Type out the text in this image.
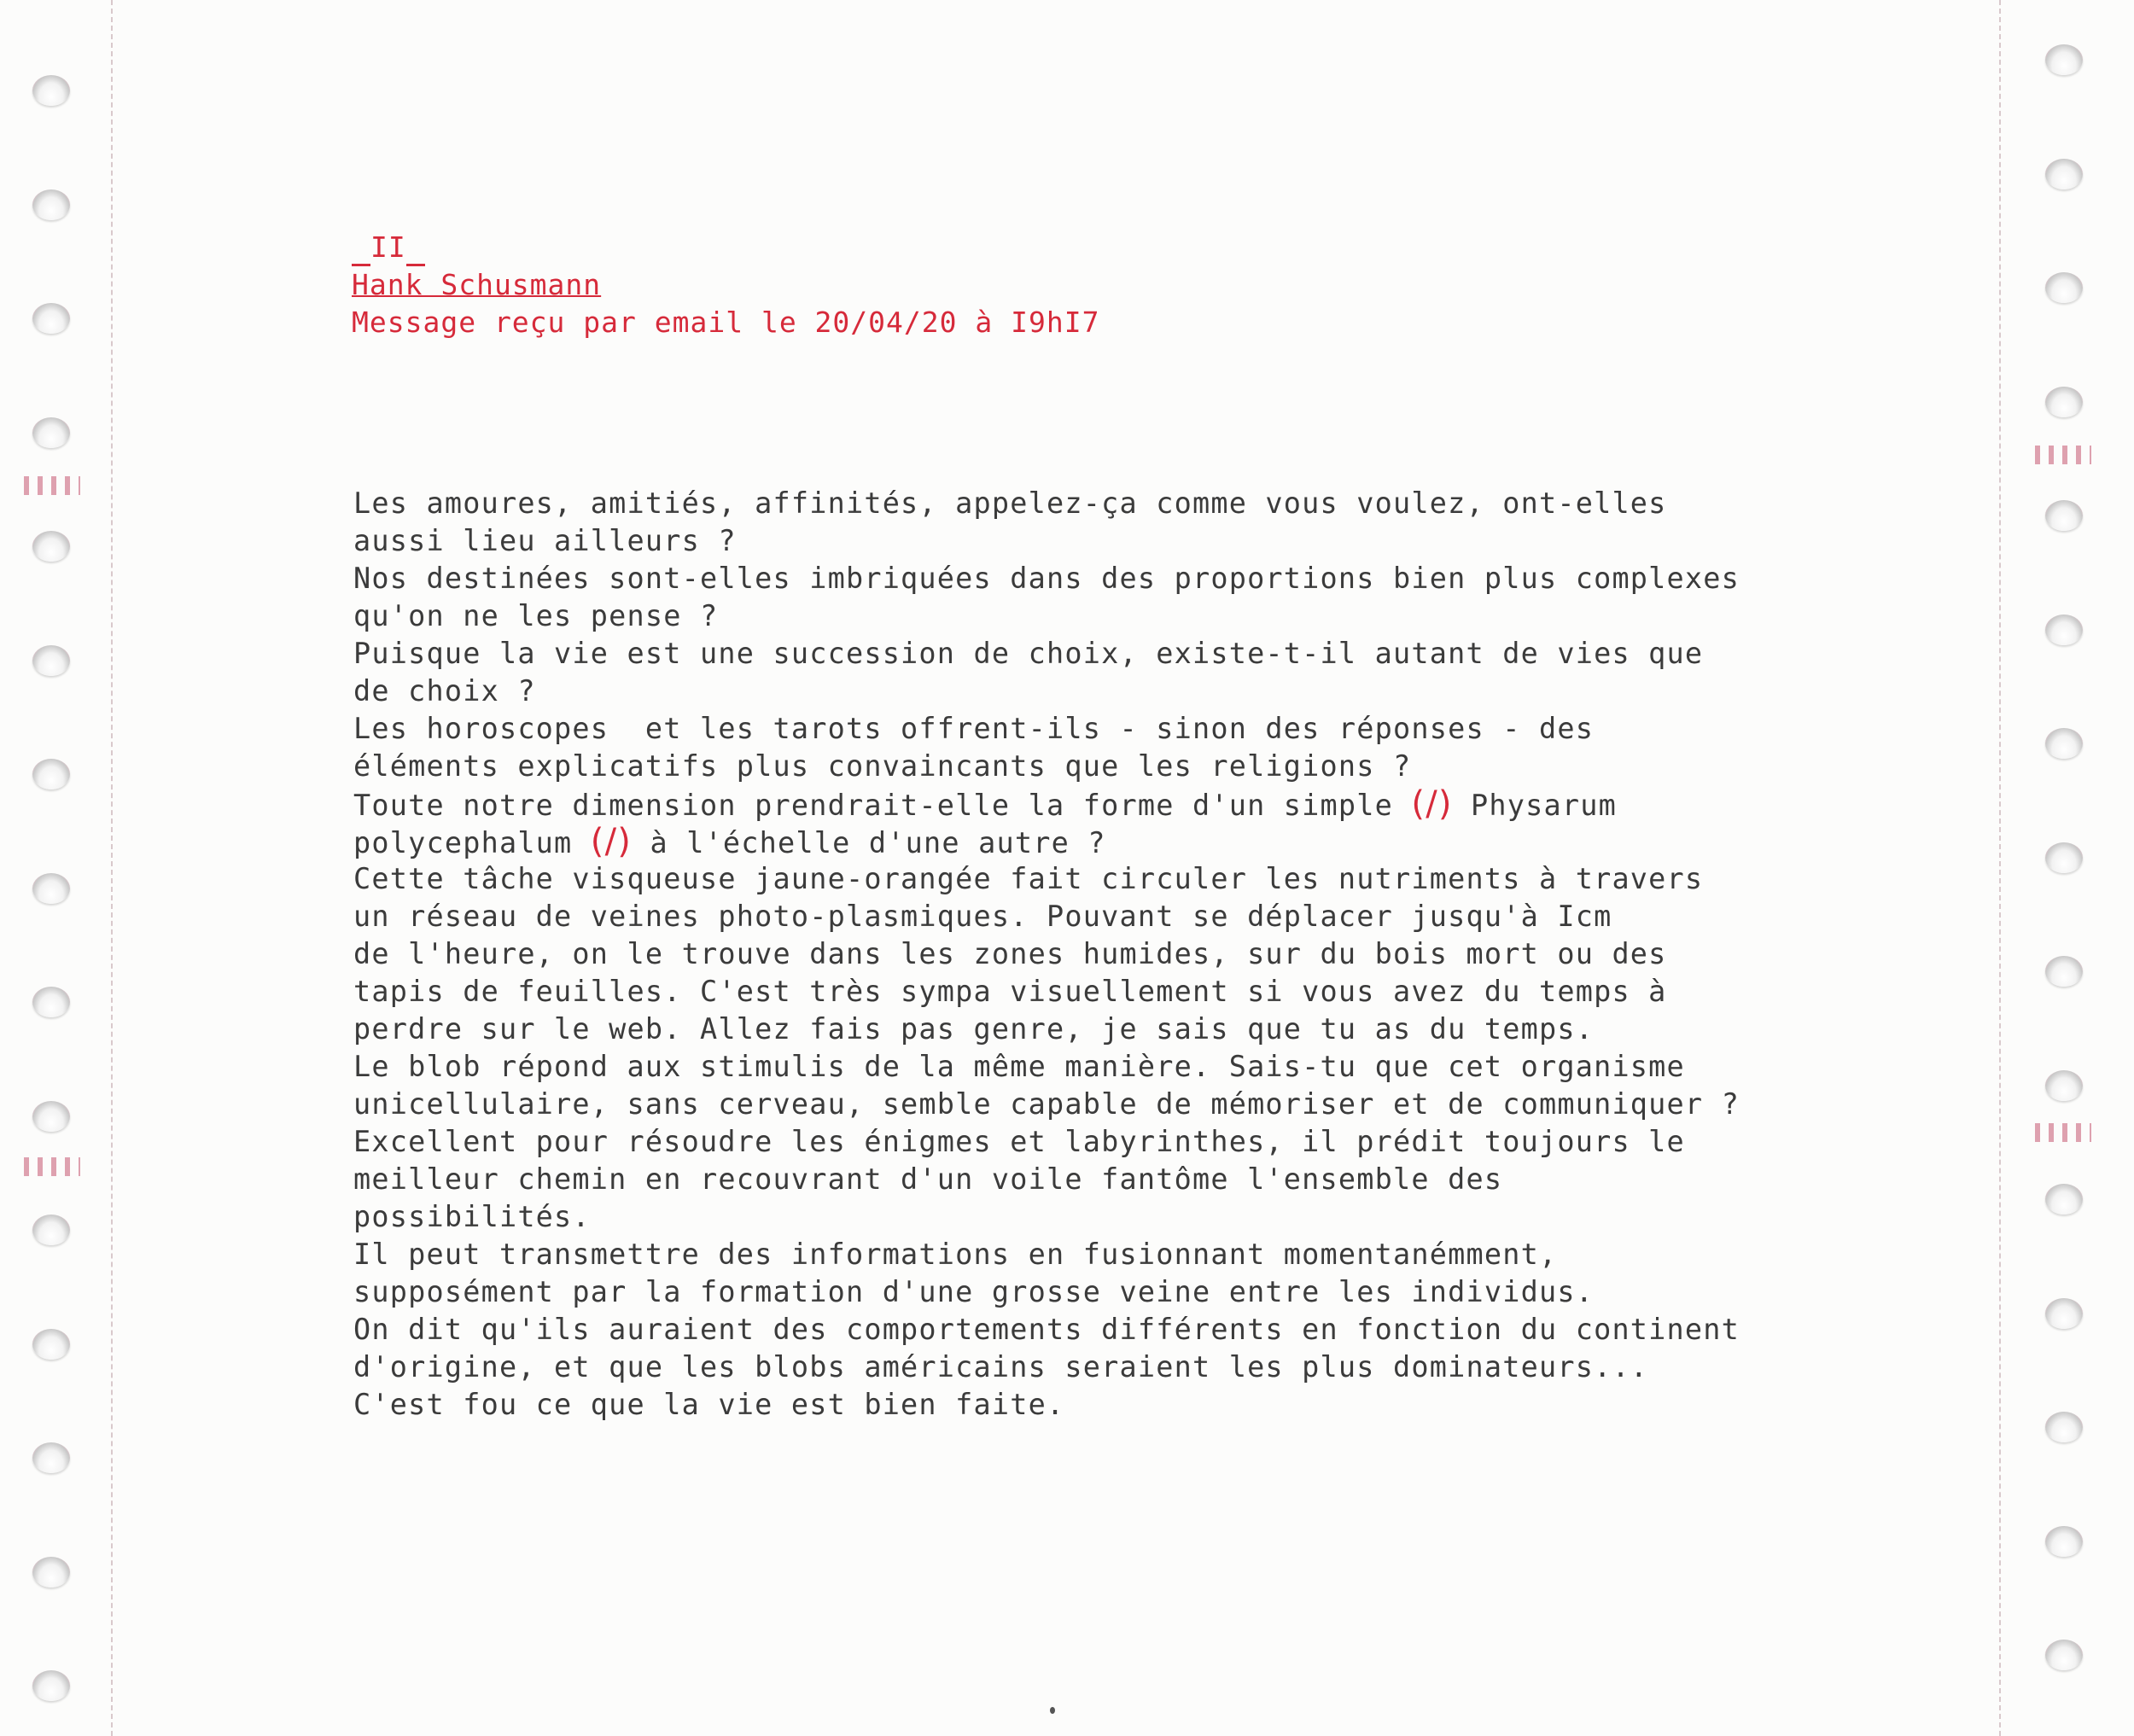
II
Hank Schusmann
Message reçu par email le 20/04/20 à I9hI7
Les amoures, amitiés, affinités, appelez-ça comme vous voulez, ont-elles
aussi lieu ailleurs ?
Nos destinées sont-elles imbriquées dans des proportions bien plus complexes
qu'on ne les pense ?
Puisque la vie est une succession de choix, existe-t-il autant de vies que
de choix ?
Les horoscopes  et les tarots offrent-ils - sinon des réponses - des
éléments explicatifs plus convaincants que les religions ?
Toute notre dimension prendrait-elle la forme d'un simple (/) Physarum
polycephalum (/) à l'échelle d'une autre ?
Cette tâche visqueuse jaune-orangée fait circuler les nutriments à travers
un réseau de veines photo-plasmiques. Pouvant se déplacer jusqu'à Icm
de l'heure, on le trouve dans les zones humides, sur du bois mort ou des
tapis de feuilles. C'est très sympa visuellement si vous avez du temps à
perdre sur le web. Allez fais pas genre, je sais que tu as du temps.
Le blob répond aux stimulis de la même manière. Sais-tu que cet organisme
unicellulaire, sans cerveau, semble capable de mémoriser et de communiquer ?
Excellent pour résoudre les énigmes et labyrinthes, il prédit toujours le
meilleur chemin en recouvrant d'un voile fantôme l'ensemble des
possibilités.
Il peut transmettre des informations en fusionnant momentanémment,
supposément par la formation d'une grosse veine entre les individus.
On dit qu'ils auraient des comportements différents en fonction du continent
d'origine, et que les blobs américains seraient les plus dominateurs...
C'est fou ce que la vie est bien faite.
